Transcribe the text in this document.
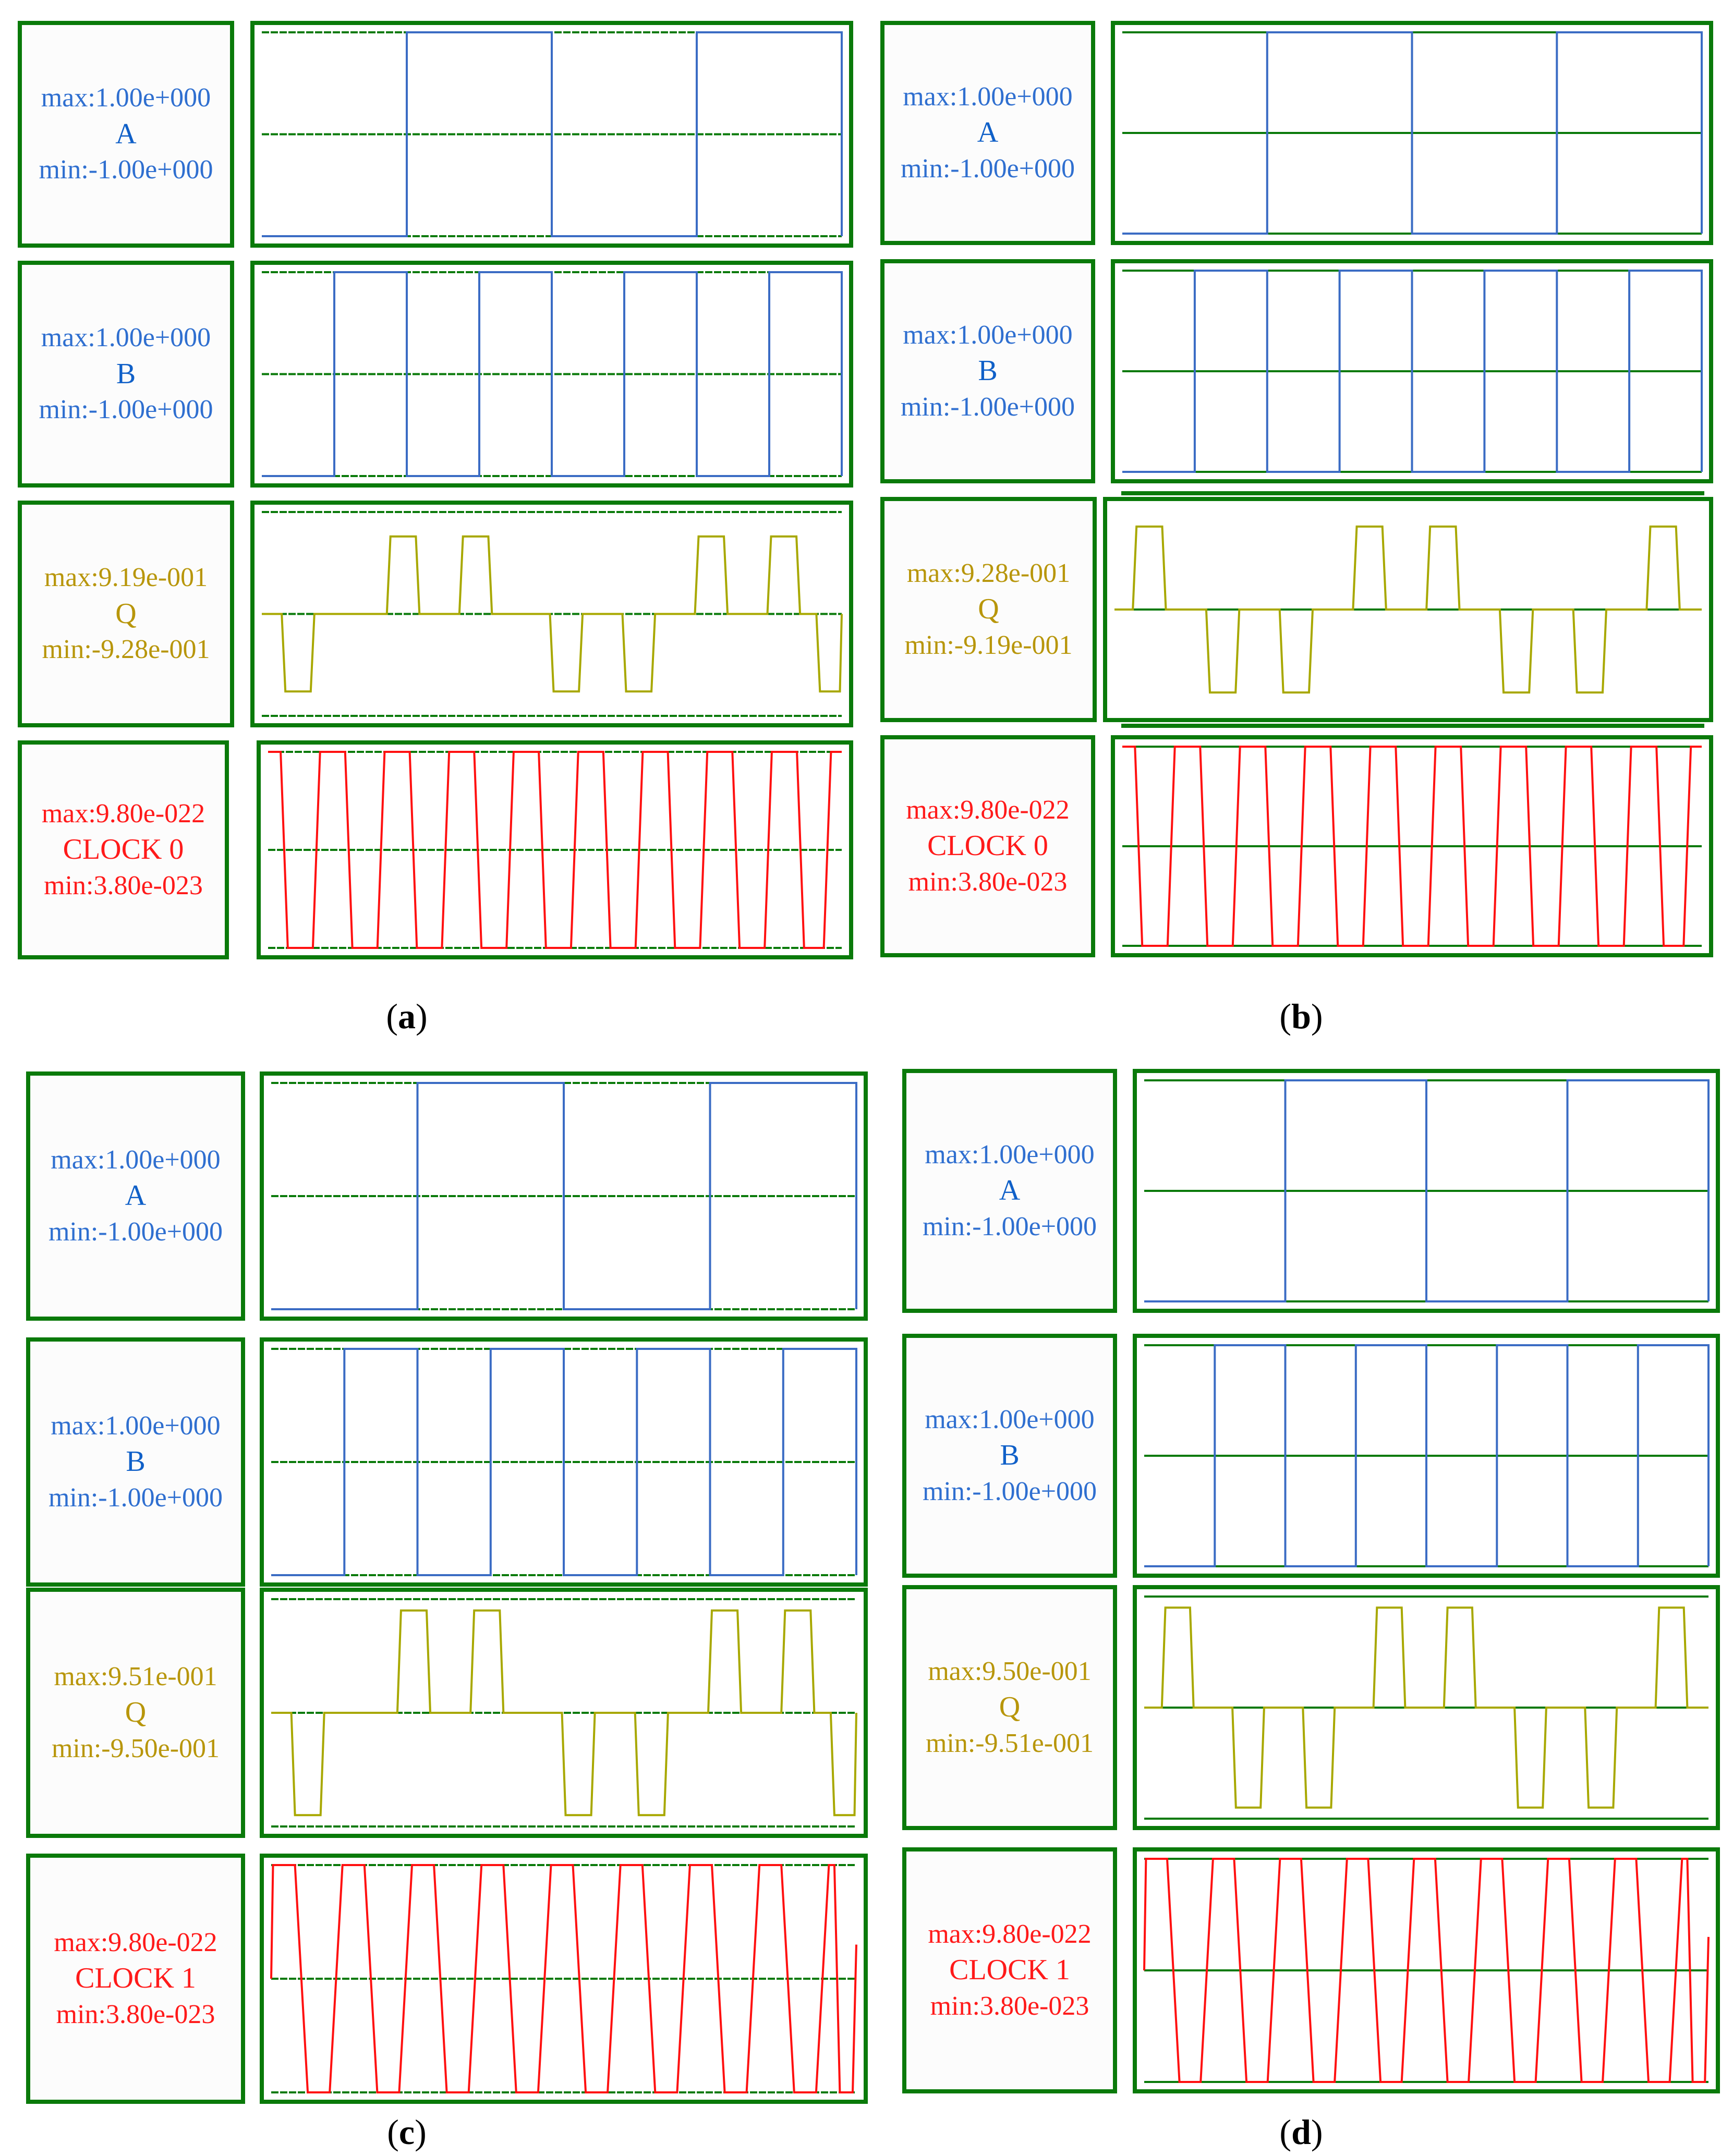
max:1.00e+000
A
min:-1.00e+000
max:1.00e+000
B
min:-1.00e+000
max:9.19e-001
Q
min:-9.28e-001
max:9.80e-022
CLOCK 0
min:3.80e-023
(a)
max:1.00e+000
A
min:-1.00e+000
max:1.00e+000
B
min:-1.00e+000
max:9.28e-001
Q
min:-9.19e-001
max:9.80e-022
CLOCK 0
min:3.80e-023
(b)
max:1.00e+000
A
min:-1.00e+000
max:1.00e+000
B
min:-1.00e+000
max:9.51e-001
Q
min:-9.50e-001
max:9.80e-022
CLOCK 1
min:3.80e-023
(c)
max:1.00e+000
A
min:-1.00e+000
max:1.00e+000
B
min:-1.00e+000
max:9.50e-001
Q
min:-9.51e-001
max:9.80e-022
CLOCK 1
min:3.80e-023
(d)
